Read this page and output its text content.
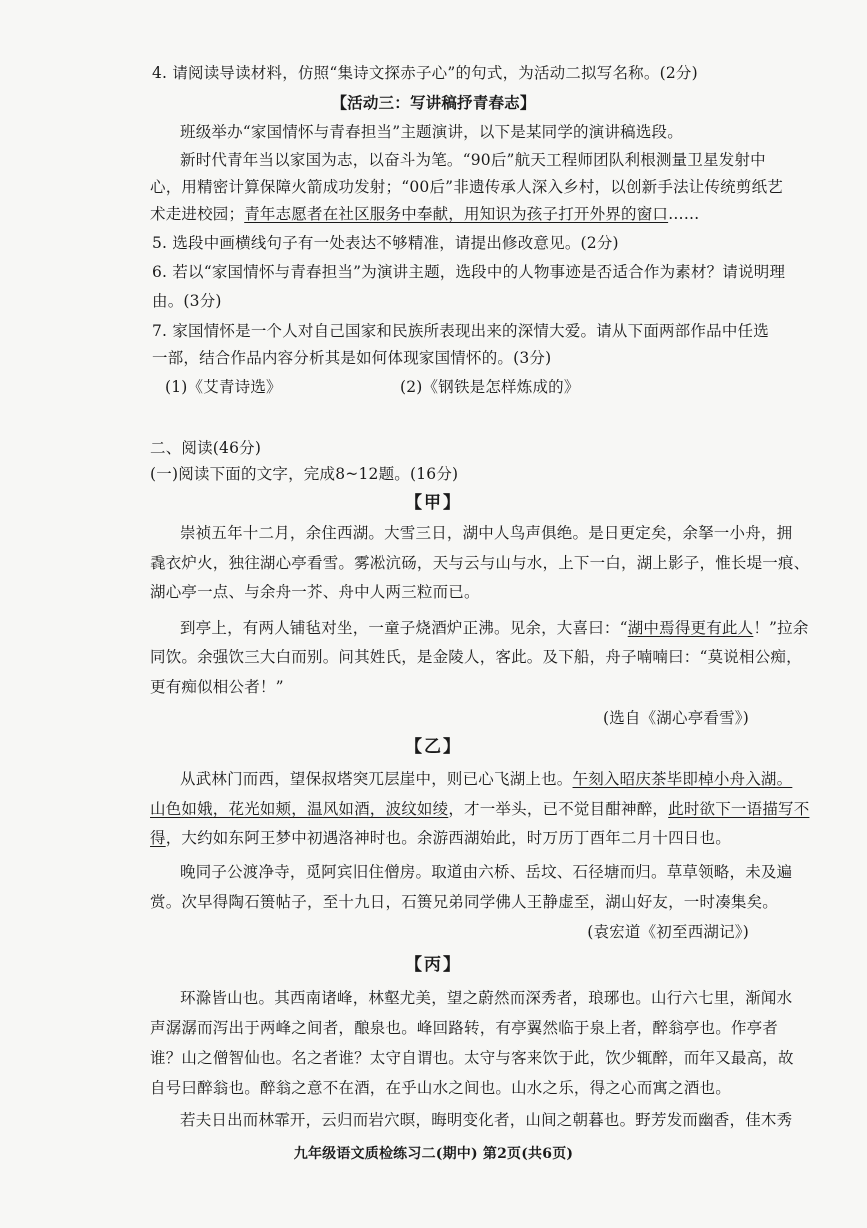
4. 请阅读导读材料，仿照“集诗文探赤子心”的句式，为活动二拟写名称。(2分)
【活动三：写讲稿抒青春志】
班级举办“家国情怀与青春担当”主题演讲，以下是某同学的演讲稿选段。
新时代青年当以家国为志，以奋斗为笔。“90后”航天工程师团队利根测量卫星发射中
心，用精密计算保障火箭成功发射；“00后”非遗传承人深入乡村，以创新手法让传统剪纸艺
术走进校园；青年志愿者在社区服务中奉献，用知识为孩子打开外界的窗口……
5. 选段中画横线句子有一处表达不够精准，请提出修改意见。(2分)
6. 若以“家国情怀与青春担当”为演讲主题，选段中的人物事迹是否适合作为素材？请说明理
由。(3分)
7. 家国情怀是一个人对自己国家和民族所表现出来的深情大爱。请从下面两部作品中任选
一部，结合作品内容分析其是如何体现家国情怀的。(3分)
(1)《艾青诗选》	(2)《钢铁是怎样炼成的》
二、阅读(46分)
(一)阅读下面的文字，完成8~12题。(16分)
【甲】
崇祯五年十二月，余住西湖。大雪三日，湖中人鸟声俱绝。是日更定矣，余拏一小舟，拥
毳衣炉火，独往湖心亭看雪。雾凇沆砀，天与云与山与水，上下一白，湖上影子，惟长堤一痕、
湖心亭一点、与余舟一芥、舟中人两三粒而已。
到亭上，有两人铺毡对坐，一童子烧酒炉正沸。见余，大喜曰：“湖中焉得更有此人！”拉余
同饮。余强饮三大白而别。问其姓氏，是金陵人，客此。及下船，舟子喃喃曰：“莫说相公痴，
更有痴似相公者！”
(选自《湖心亭看雪》)
【乙】
从武林门而西，望保叔塔突兀层崖中，则已心飞湖上也。午刻入昭庆茶毕即棹小舟入湖。
山色如娥，花光如颊，温风如酒，波纹如绫，才一举头，已不觉目酣神醉，此时欲下一语描写不
得，大约如东阿王梦中初遇洛神时也。余游西湖始此，时万历丁酉年二月十四日也。
晚同子公渡净寺，觅阿宾旧住僧房。取道由六桥、岳坟、石径塘而归。草草领略，未及遍
赏。次早得陶石篑帖子，至十九日，石篑兄弟同学佛人王静虚至，湖山好友，一时凑集矣。
(袁宏道《初至西湖记》)
【丙】
环滁皆山也。其西南诸峰，林壑尤美，望之蔚然而深秀者，琅琊也。山行六七里，渐闻水
声潺潺而泻出于两峰之间者，酿泉也。峰回路转，有亭翼然临于泉上者，醉翁亭也。作亭者
谁？山之僧智仙也。名之者谁？太守自谓也。太守与客来饮于此，饮少辄醉，而年又最高，故
自号曰醉翁也。醉翁之意不在酒，在乎山水之间也。山水之乐，得之心而寓之酒也。
若夫日出而林霏开，云归而岩穴暝，晦明变化者，山间之朝暮也。野芳发而幽香，佳木秀
九年级语文质检练习二(期中) 第2页(共6页)
